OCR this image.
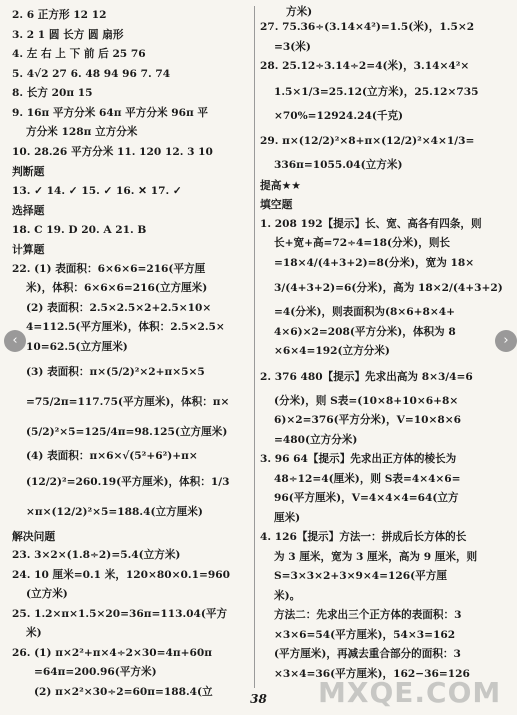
2. 6 正方形 12 12
3. 2 1 圆 长方 圆 扇形
4. 左 右 上 下 前 后 25 76
5. 4√2 27 6. 48 94 96 7. 74
8. 长方 20π 15
9. 16π 平方分米 64π 平方分米 96π 平
方分米 128π 立方分米
10. 28.26 平方分米 11. 120 12. 3 10
判断题
13. ✓ 14. ✓ 15. ✓ 16. ✕ 17. ✓
选择题
18. C 19. D 20. A 21. B
计算题
22. (1) 表面积：6×6×6=216(平方厘
米)，体积：6×6×6=216(立方厘米)
(2) 表面积：2.5×2.5×2+2.5×10×
4=112.5(平方厘米)，体积：2.5×2.5×
10=62.5(立方厘米)
(3) 表面积：π×(5/2)²×2+π×5×5
=75/2π=117.75(平方厘米)，体积：π×
(5/2)²×5=125/4π=98.125(立方厘米)
(4) 表面积：π×6×√(5²+6²)+π×
(12/2)²=260.19(平方厘米)，体积：1/3
×π×(12/2)²×5=188.4(立方厘米)
解决问题
23. 3×2×(1.8÷2)=5.4(立方米)
24. 10 厘米=0.1 米，120×80×0.1=960
(立方米)
25. 1.2×π×1.5×20=36π=113.04(平方
米)
26. (1) π×2²+π×4÷2×30=4π+60π
=64π=200.96(平方米)
(2) π×2²×30÷2=60π=188.4(立
方米)
27. 75.36÷(3.14×4²)=1.5(米)，1.5×2
=3(米)
28. 25.12÷3.14÷2=4(米)，3.14×4²×
1.5×1/3=25.12(立方米)，25.12×735
×70%=12924.24(千克)
29. π×(12/2)²×8+π×(12/2)²×4×1/3=
336π=1055.04(立方米)
提高★★
填空题
1. 208 192【提示】长、宽、高各有四条，则
长+宽+高=72÷4=18(分米)，则长
=18×4/(4+3+2)=8(分米)，宽为 18×
3/(4+3+2)=6(分米)，高为 18×2/(4+3+2)
=4(分米)，则表面积为(8×6+8×4+
4×6)×2=208(平方分米)，体积为 8
×6×4=192(立方分米)
2. 376 480【提示】先求出高为 8×3/4=6
(分米)，则 S表=(10×8+10×6+8×
6)×2=376(平方分米)，V=10×8×6
=480(立方分米)
3. 96 64【提示】先求出正方体的棱长为
48÷12=4(厘米)，则 S表=4×4×6=
96(平方厘米)，V=4×4×4=64(立方
厘米)
4. 126【提示】方法一：拼成后长方体的长
为 3 厘米，宽为 3 厘米，高为 9 厘米，则
S=3×3×2+3×9×4=126(平方厘
米)。
方法二：先求出三个正方体的表面积：3
×3×6=54(平方厘米)，54×3=162
(平方厘米)，再减去重合部分的面积：3
×3×4=36(平方厘米)，162−36=126
38	MXQE.COM
‹	›
